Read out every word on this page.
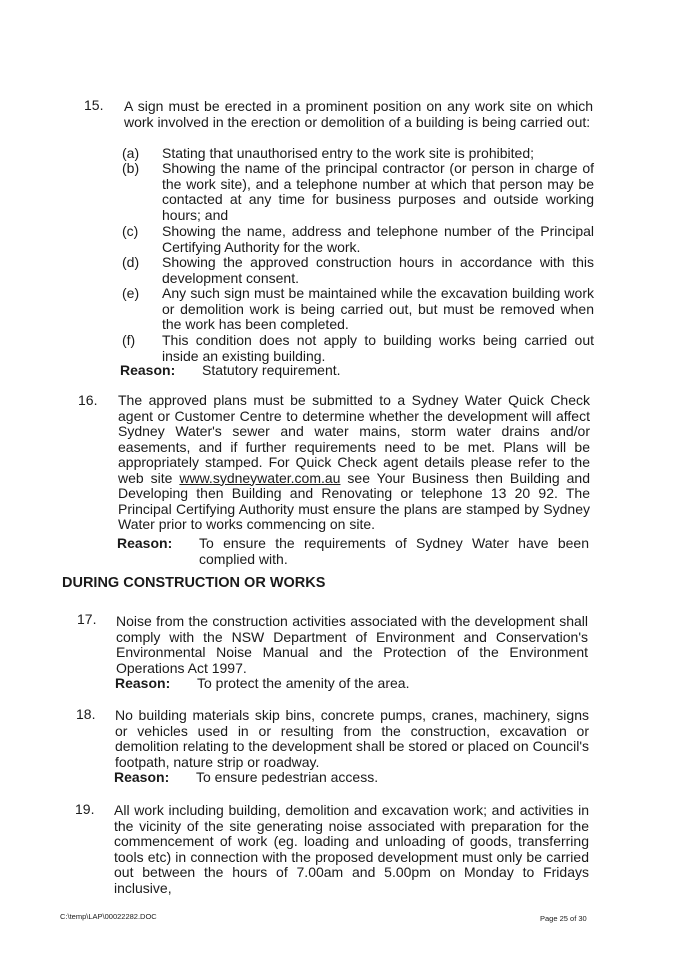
15. A sign must be erected in a prominent position on any work site on which work involved in the erection or demolition of a building is being carried out:
(a) Stating that unauthorised entry to the work site is prohibited;
(b) Showing the name of the principal contractor (or person in charge of the work site), and a telephone number at which that person may be contacted at any time for business purposes and outside working hours; and
(c) Showing the name, address and telephone number of the Principal Certifying Authority for the work.
(d) Showing the approved construction hours in accordance with this development consent.
(e) Any such sign must be maintained while the excavation building work or demolition work is being carried out, but must be removed when the work has been completed.
(f) This condition does not apply to building works being carried out inside an existing building.
Reason: Statutory requirement.
16. The approved plans must be submitted to a Sydney Water Quick Check agent or Customer Centre to determine whether the development will affect Sydney Water's sewer and water mains, storm water drains and/or easements, and if further requirements need to be met. Plans will be appropriately stamped. For Quick Check agent details please refer to the web site www.sydneywater.com.au see Your Business then Building and Developing then Building and Renovating or telephone 13 20 92. The Principal Certifying Authority must ensure the plans are stamped by Sydney Water prior to works commencing on site.
Reason: To ensure the requirements of Sydney Water have been complied with.
DURING CONSTRUCTION OR WORKS
17. Noise from the construction activities associated with the development shall comply with the NSW Department of Environment and Conservation's Environmental Noise Manual and the Protection of the Environment Operations Act 1997.
Reason: To protect the amenity of the area.
18. No building materials skip bins, concrete pumps, cranes, machinery, signs or vehicles used in or resulting from the construction, excavation or demolition relating to the development shall be stored or placed on Council's footpath, nature strip or roadway.
Reason: To ensure pedestrian access.
19. All work including building, demolition and excavation work; and activities in the vicinity of the site generating noise associated with preparation for the commencement of work (eg. loading and unloading of goods, transferring tools etc) in connection with the proposed development must only be carried out between the hours of 7.00am and 5.00pm on Monday to Fridays inclusive,
C:\temp\LAP\00022282.DOC	Page 25 of 30
